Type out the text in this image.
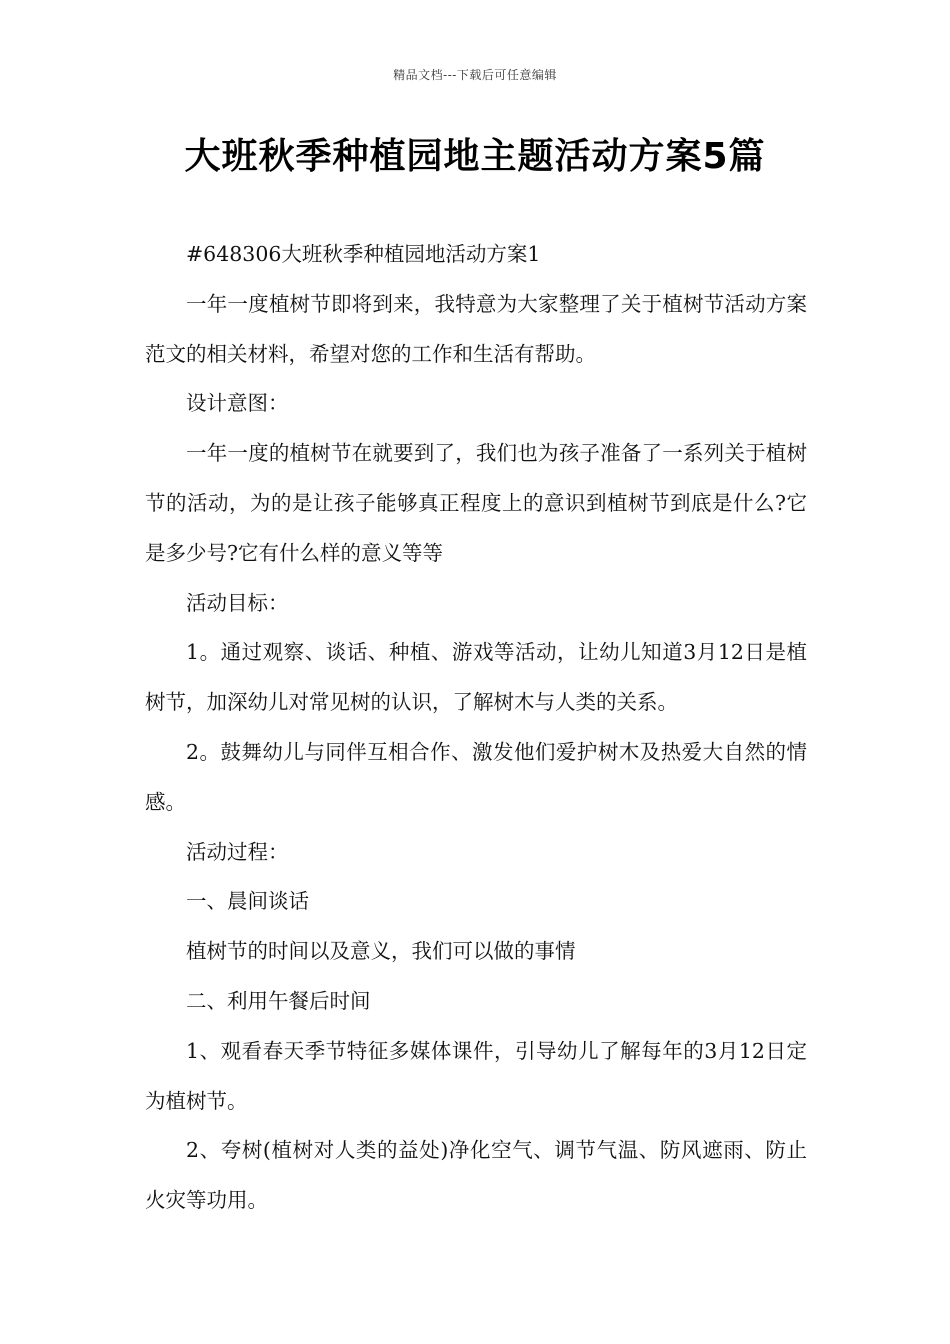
精品文档---下载后可任意编辑
大班秋季种植园地主题活动方案5篇

#648306大班秋季种植园地活动方案1

一年一度植树节即将到来，我特意为大家整理了关于植树节活动方案范文的相关材料，希望对您的工作和生活有帮助。

设计意图：

一年一度的植树节在就要到了，我们也为孩子准备了一系列关于植树节的活动，为的是让孩子能够真正程度上的意识到植树节到底是什么?它是多少号?它有什么样的意义等等

活动目标：

1。通过观察、谈话、种植、游戏等活动，让幼儿知道3月12日是植树节，加深幼儿对常见树的认识，了解树木与人类的关系。

2。鼓舞幼儿与同伴互相合作、激发他们爱护树木及热爱大自然的情感。

活动过程：

一、晨间谈话

植树节的时间以及意义，我们可以做的事情

二、利用午餐后时间

1、观看春天季节特征多媒体课件，引导幼儿了解每年的3月12日定为植树节。

2、夸树(植树对人类的益处)净化空气、调节气温、防风遮雨、防止火灾等功用。
